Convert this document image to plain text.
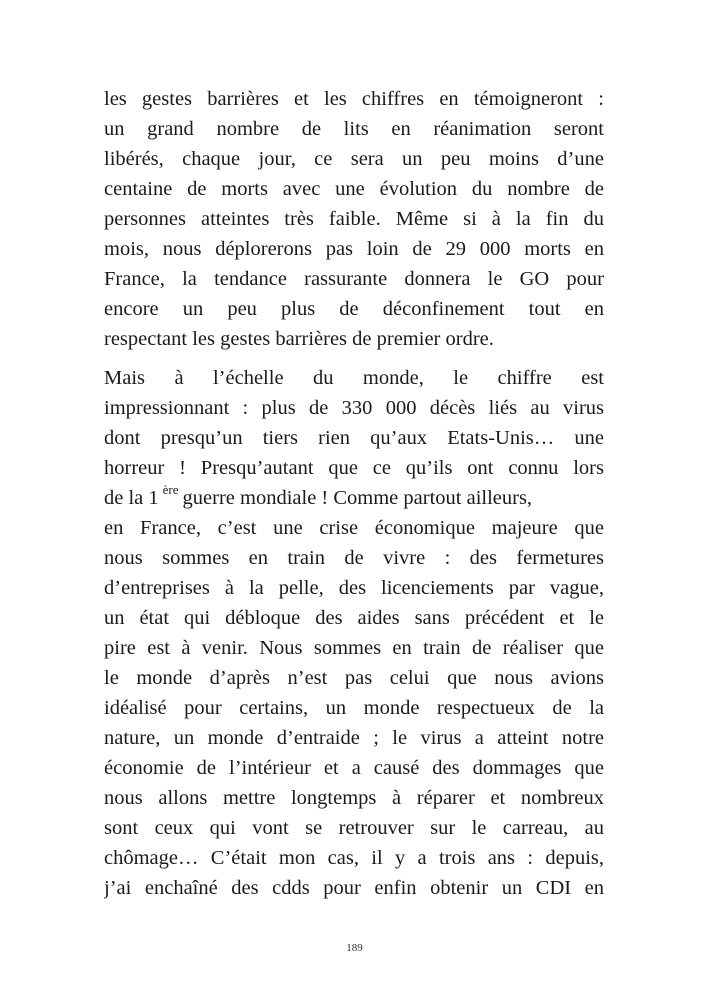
les gestes barrières et les chiffres en témoigneront :
un grand nombre de lits en réanimation seront
libérés, chaque jour, ce sera un peu moins d’une
centaine de morts avec une évolution du nombre de
personnes atteintes très faible. Même si à la fin du
mois, nous déplorerons pas loin de 29 000 morts en
France, la tendance rassurante donnera le GO pour
encore un peu plus de déconfinement tout en
respectant les gestes barrières de premier ordre.
Mais à l’échelle du monde, le chiffre est
impressionnant : plus de 330 000 décès liés au virus
dont presqu’un tiers rien qu’aux Etats-Unis… une
horreur ! Presqu’autant que ce qu’ils ont connu lors
de la 1 $^{ère}$ guerre mondiale ! Comme partout ailleurs,
en France, c’est une crise économique majeure que
nous sommes en train de vivre : des fermetures
d’entreprises à la pelle, des licenciements par vague,
un état qui débloque des aides sans précédent et le
pire est à venir. Nous sommes en train de réaliser que
le monde d’après n’est pas celui que nous avions
idéalisé pour certains, un monde respectueux de la
nature, un monde d’entraide ; le virus a atteint notre
économie de l’intérieur et a causé des dommages que
nous allons mettre longtemps à réparer et nombreux
sont ceux qui vont se retrouver sur le carreau, au
chômage… C’était mon cas, il y a trois ans : depuis,
j’ai enchaîné des cdds pour enfin obtenir un CDI en
189
